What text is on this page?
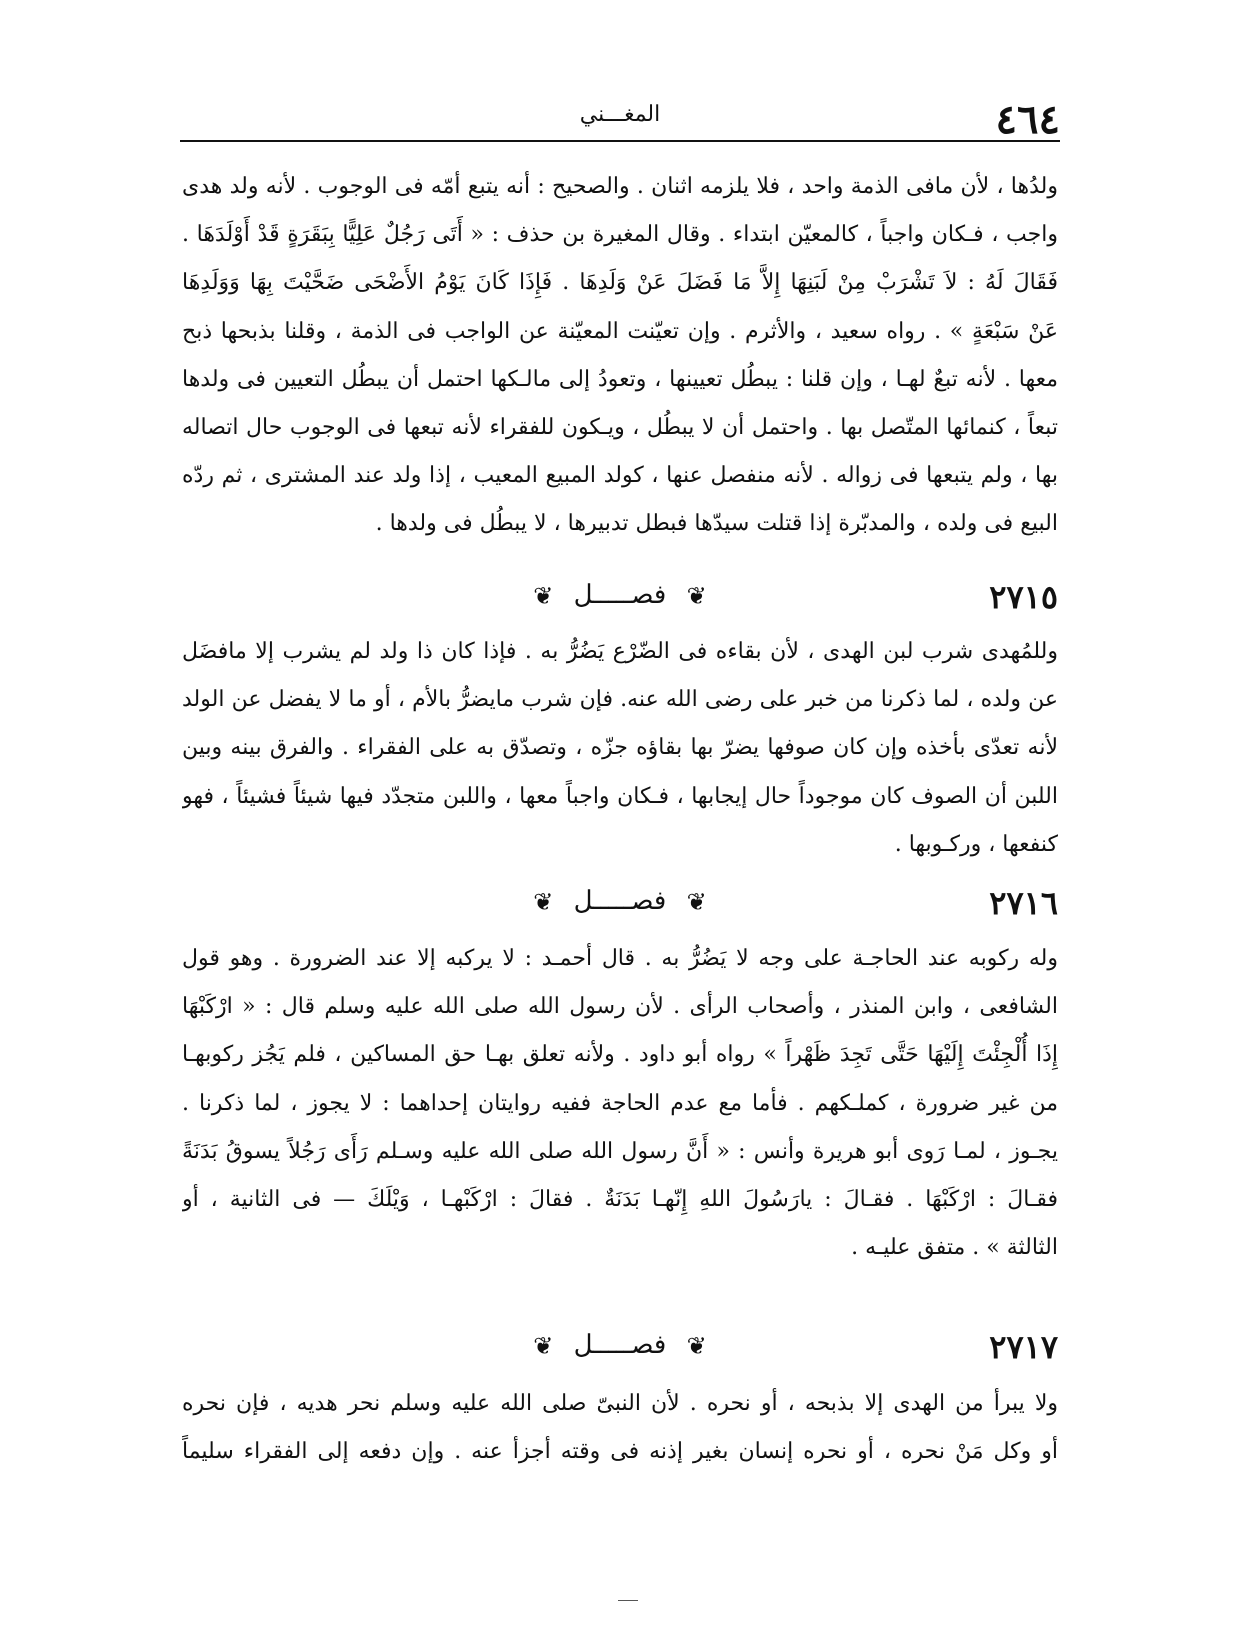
٤٦٤
المغـــني
ولدُها ، لأن مافى الذمة واحد ، فلا يلزمه اثنان . والصحيح : أنه يتبع أمّه فى الوجوب . لأنه ولد هدى
واجب ، فـكان واجباً ، كالمعيّن ابتداء . وقال المغيرة بن حذف : « أَتَى رَجُلٌ عَلِيًّا بِبَقَرَةٍ قَدْ أَوْلَدَهَا .
فَقَالَ لَهُ : لاَ تَشْرَبْ مِنْ لَبَنِهَا إِلاَّ مَا فَضَلَ عَنْ وَلَدِهَا . فَإِذَا كَانَ يَوْمُ الأَضْحَى ضَحَّيْتَ بِهَا وَوَلَدِهَا
عَنْ سَبْعَةٍ » . رواه سعيد ، والأثرم . وإن تعيّنت المعيّنة عن الواجب فى الذمة ، وقلنا بذبحها ذبح
معها . لأنه تبعٌ لهـا ، وإن قلنا : يبطُل تعيينها ، وتعودُ إلى مالـكها احتمل أن يبطُل التعيين فى ولدها
تبعاً ، كنمائها المتّصل بها . واحتمل أن لا يبطُل ، ويـكون للفقراء لأنه تبعها فى الوجوب حال اتصاله
بها ، ولم يتبعها فى زواله . لأنه منفصل عنها ، كولد المبيع المعيب ، إذا ولد عند المشترى ، ثم ردّه
البيع فى ولده ، والمدبّرة إذا قتلت سيدّها فبطل تدبيرها ، لا يبطُل فى ولدها .
٢٧١٥
❦ فصـــــل ❦
وللمُهدى شرب لبن الهدى ، لأن بقاءه فى الضّرْع يَضُرُّ به . فإذا كان ذا ولد لم يشرب إلا مافضَل
عن ولده ، لما ذكرنا من خبر على رضى الله عنه. فإن شرب مايضرُّ بالأم ، أو ما لا يفضل عن الولد
لأنه تعدّى بأخذه وإن كان صوفها يضرّ بها بقاؤه جزّه ، وتصدّق به على الفقراء . والفرق بينه وبين
اللبن أن الصوف كان موجوداً حال إيجابها ، فـكان واجباً معها ، واللبن متجدّد فيها شيئاً فشيئاً ، فهو
كنفعها ، وركـوبها .
٢٧١٦
❦ فصـــــل ❦
وله ركوبه عند الحاجـة على وجه لا يَضُرُّ به . قال أحمـد : لا يركبه إلا عند الضرورة . وهو قول
الشافعى ، وابن المنذر ، وأصحاب الرأى . لأن رسول الله صلى الله عليه وسلم قال : « ارْكَبْهَا
إِذَا أُلْجِئْتَ إِلَيْهَا حَتَّى تَجِدَ ظَهْراً » رواه أبو داود . ولأنه تعلق بهـا حق المساكين ، فلم يَجُز ركوبهـا
من غير ضرورة ، كملـكهم . فأما مع عدم الحاجة ففيه روايتان إحداهما : لا يجوز ، لما ذكرنا .
يجـوز ، لمـا رَوى أبو هريرة وأنس : « أَنَّ رسول الله صلى الله عليه وسـلم رَأَى رَجُلاً يسوقُ بَدَنَةً
فقـالَ : ارْكَبْهَا . فقـالَ : يارَسُولَ اللهِ إِنّهـا بَدَنَةٌ . فقالَ : ارْكَبْهـا ، وَيْلَكَ — فى الثانية ، أو
الثالثة » . متفق عليـه .
٢٧١٧
❦ فصـــــل ❦
ولا يبرأ من الهدى إلا بذبحه ، أو نحره . لأن النبىّ صلى الله عليه وسلم نحر هديه ، فإن نحره
أو وكل مَنْ نحره ، أو نحره إنسان بغير إذنه فى وقته أجزأ عنه . وإن دفعه إلى الفقراء سليماً
